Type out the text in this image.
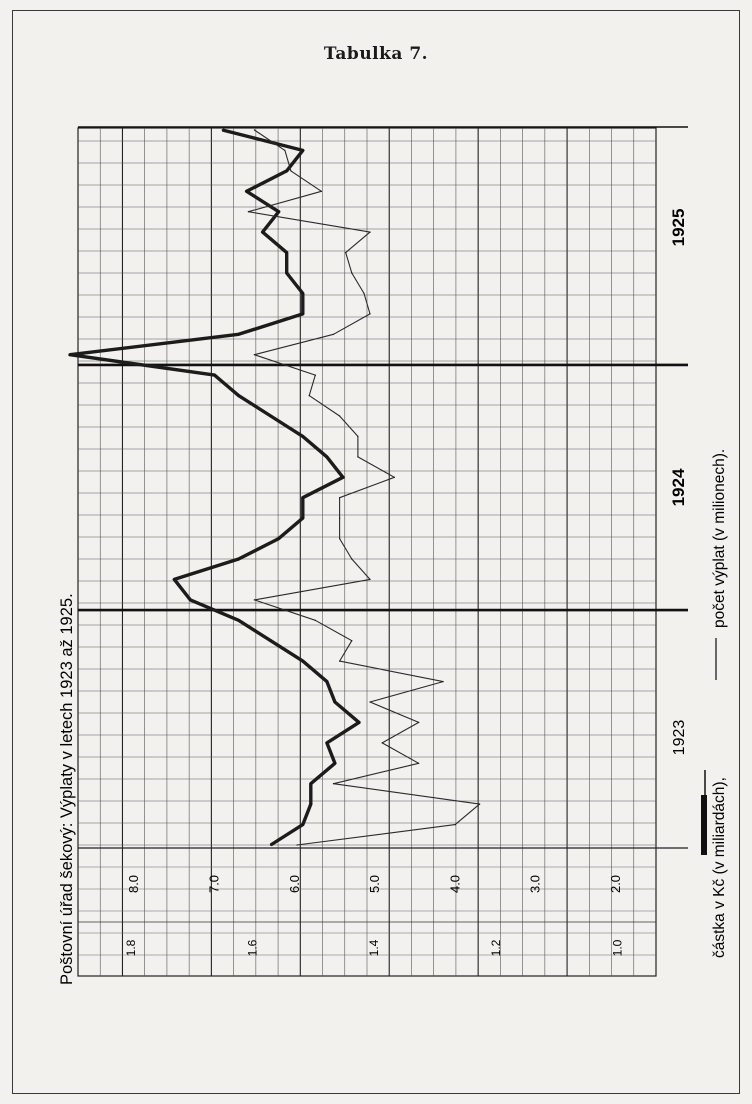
Tabulka 7.
8.0	7.0	6.0	5.0	4.0	3.0	2.0
1.8	1.6	1.4	1.2	1.0
1923
1924
1925
Poštovní úřad šekový: Výplaty v letech 1923 až 1925.	částka v Kč (v miliardách),
počet výplat (v milionech).
